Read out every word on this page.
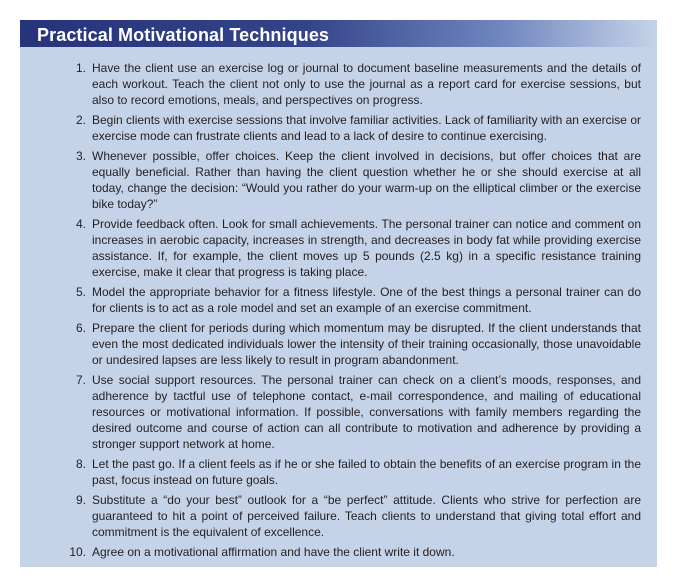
Practical Motivational Techniques
1. Have the client use an exercise log or journal to document baseline measurements and the details of each workout. Teach the client not only to use the journal as a report card for exercise sessions, but also to record emotions, meals, and perspectives on progress.
2. Begin clients with exercise sessions that involve familiar activities. Lack of familiarity with an exercise or exercise mode can frustrate clients and lead to a lack of desire to continue exercising.
3. Whenever possible, offer choices. Keep the client involved in decisions, but offer choices that are equally beneficial. Rather than having the client question whether he or she should exercise at all today, change the decision: “Would you rather do your warm-up on the elliptical climber or the exercise bike today?”
4. Provide feedback often. Look for small achievements. The personal trainer can notice and comment on increases in aerobic capacity, increases in strength, and decreases in body fat while providing exercise assistance. If, for example, the client moves up 5 pounds (2.5 kg) in a specific resistance training exercise, make it clear that progress is taking place.
5. Model the appropriate behavior for a fitness lifestyle. One of the best things a personal trainer can do for clients is to act as a role model and set an example of an exercise commitment.
6. Prepare the client for periods during which momentum may be disrupted. If the client understands that even the most dedicated individuals lower the intensity of their training occasionally, those unavoidable or undesired lapses are less likely to result in program abandonment.
7. Use social support resources. The personal trainer can check on a client’s moods, responses, and adherence by tactful use of telephone contact, e-mail correspondence, and mailing of educational resources or motivational information. If possible, conversations with family members regarding the desired outcome and course of action can all contribute to motivation and adherence by providing a stronger support network at home.
8. Let the past go. If a client feels as if he or she failed to obtain the benefits of an exercise program in the past, focus instead on future goals.
9. Substitute a “do your best” outlook for a “be perfect” attitude. Clients who strive for perfection are guaranteed to hit a point of perceived failure. Teach clients to understand that giving total effort and commitment is the equivalent of excellence.
10. Agree on a motivational affirmation and have the client write it down.
